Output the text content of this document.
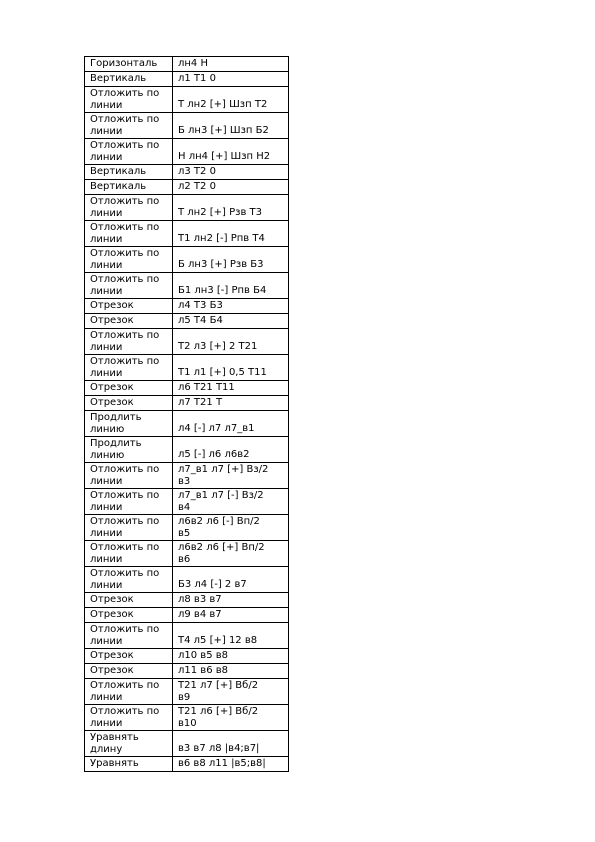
Горизонталь	лн4 Н
Вертикаль	л1 Т1 0
Отложить по
линии	Т лн2 [+] Шзп Т2
Отложить по
линии	Б лн3 [+] Шзп Б2
Отложить по
линии	Н лн4 [+] Шзп Н2
Вертикаль	л3 Т2 0
Вертикаль	л2 Т2 0
Отложить по
линии	Т лн2 [+] Рзв Т3
Отложить по
линии	Т1 лн2 [-] Рпв Т4
Отложить по
линии	Б лн3 [+] Рзв Б3
Отложить по
линии	Б1 лн3 [-] Рпв Б4
Отрезок	л4 Т3 Б3
Отрезок	л5 Т4 Б4
Отложить по
линии	Т2 л3 [+] 2 Т21
Отложить по
линии	Т1 л1 [+] 0,5 Т11
Отрезок	л6 Т21 Т11
Отрезок	л7 Т21 Т
Продлить
линию	л4 [-] л7 л7_в1
Продлить
линию	л5 [-] л6 л6в2
Отложить по
линии	л7_в1 л7 [+] Вз/2
в3
Отложить по
линии	л7_в1 л7 [-] Вз/2
в4
Отложить по
линии	л6в2 л6 [-] Вп/2
в5
Отложить по
линии	л6в2 л6 [+] Вп/2
в6
Отложить по
линии	Б3 л4 [-] 2 в7
Отрезок	л8 в3 в7
Отрезок	л9 в4 в7
Отложить по
линии	Т4 л5 [+] 12 в8
Отрезок	л10 в5 в8
Отрезок	л11 в6 в8
Отложить по
линии	Т21 л7 [+] Вб/2
в9
Отложить по
линии	Т21 л6 [+] Вб/2
в10
Уравнять
длину	в3 в7 л8 |в4;в7|
Уравнять	в6 в8 л11 |в5;в8|
